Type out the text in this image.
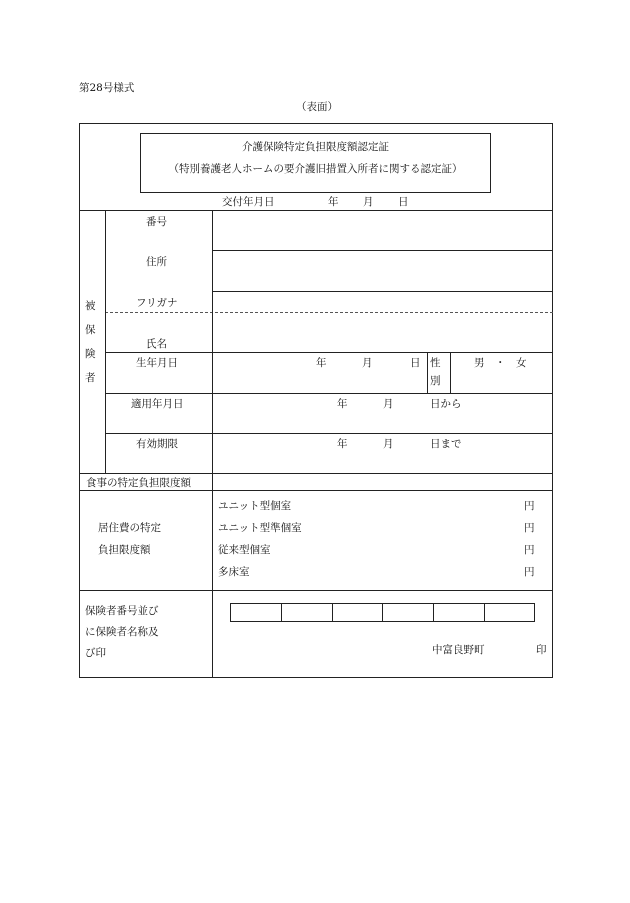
第28号様式
（表面）
介護保険特定負担限度額認定証
（特別養護老人ホームの要介護旧措置入所者に関する認定証）
交付年月日	年 月 日
被
保
険
者
番号
住所
フリガナ
氏名
生年月日	年	月	日 性
別
男　・　女
適用年月日	年	月	日から
有効期限	年	月	日まで
食事の特定負担限度額
居住費の特定
負担限度額
ユニット型個室	円
ユニット型準個室	円
従来型個室	円
多床室	円
保険者番号並び
に保険者名称及
び印	中富良野町	印
